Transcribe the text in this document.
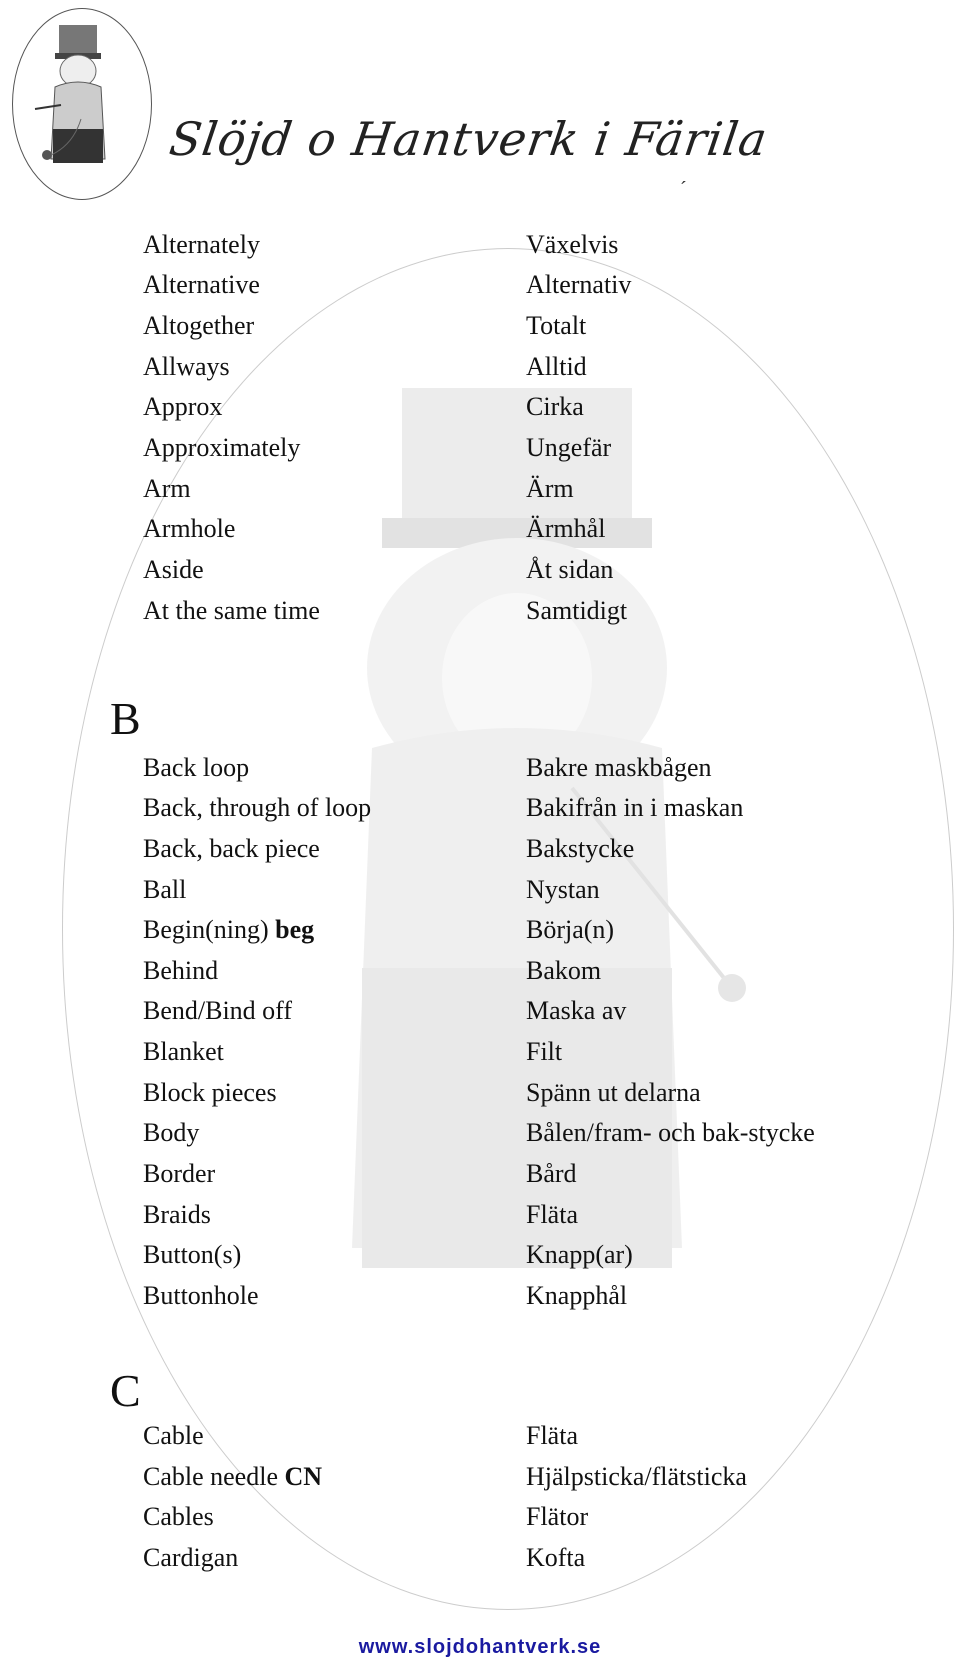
Slöjd o Hantverk i Färila
´
Alternately	Växelvis
Alternative	Alternativ
Altogether	Totalt
Allways	Alltid
Approx	Cirka
Approximately	Ungefär
Arm	Ärm
Armhole	Ärmhål
Aside	Åt sidan
At the same time	Samtidigt
B
Back loop	Bakre maskbågen
Back, through of loop	Bakifrån in i maskan
Back, back piece	Bakstycke
Ball	Nystan
Begin(ning) beg	Börja(n)
Behind	Bakom
Bend/Bind off	Maska av
Blanket	Filt
Block pieces	Spänn ut delarna
Body	Bålen/fram- och bak-stycke
Border	Bård
Braids	Fläta
Button(s)	Knapp(ar)
Buttonhole	Knapphål
C
Cable	Fläta
Cable needle CN	Hjälpsticka/flätsticka
Cables	Flätor
Cardigan	Kofta
www.slojdohantverk.se
